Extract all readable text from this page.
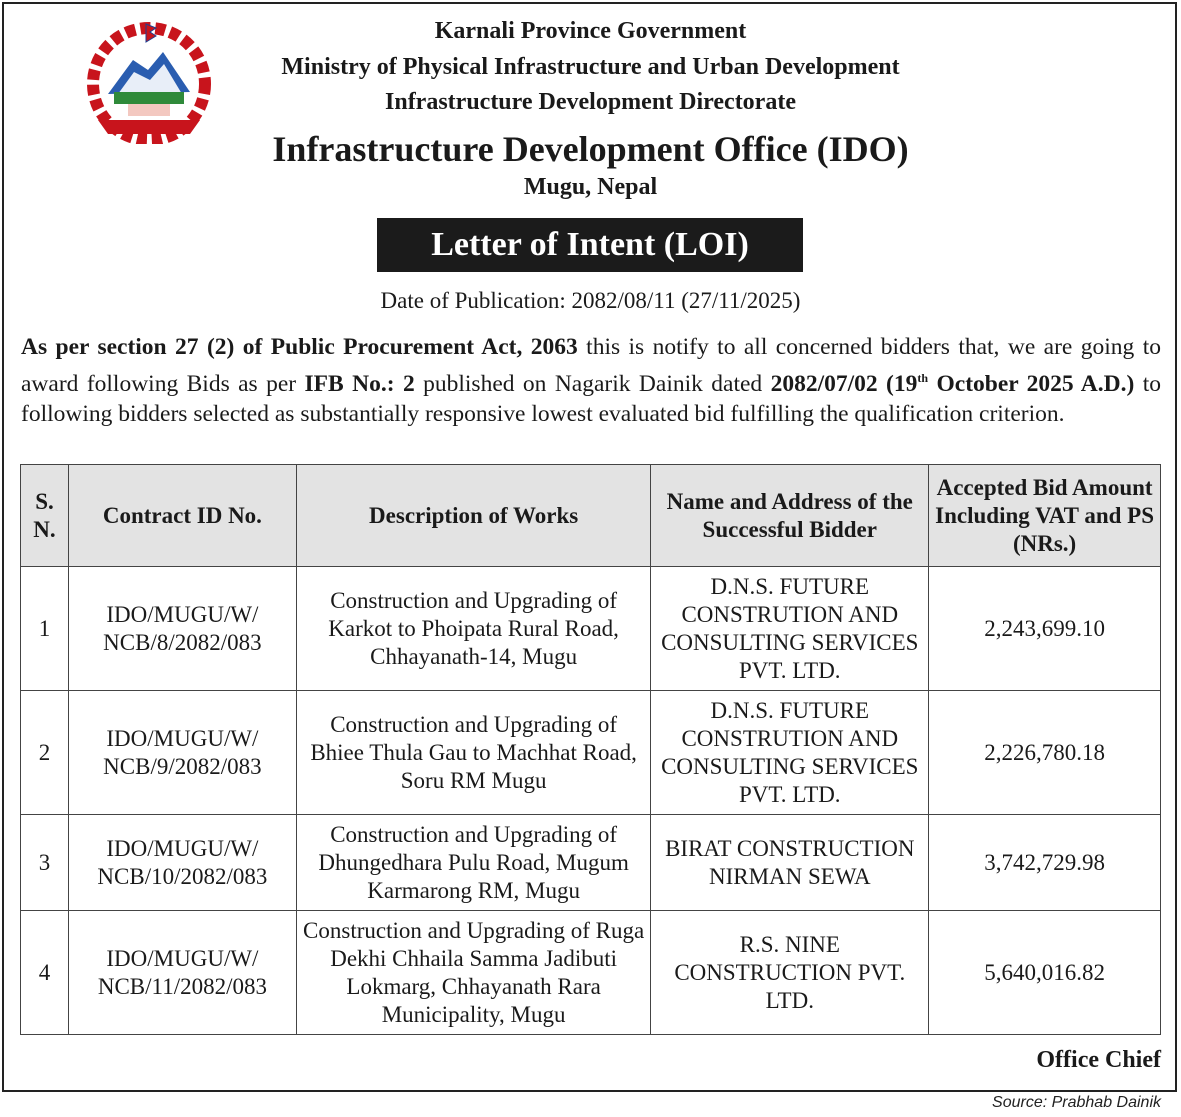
Karnali Province Government
Ministry of Physical Infrastructure and Urban Development
Infrastructure Development Directorate
Infrastructure Development Office (IDO)
Mugu, Nepal
Letter of Intent (LOI)
Date of Publication: 2082/08/11 (27/11/2025)

As per section 27 (2) of Public Procurement Act, 2063 this is notify to all concerned bidders that, we are going to award following Bids as per IFB No.: 2 published on Nagarik Dainik dated 2082/07/02 (19th October 2025 A.D.) to following bidders selected as substantially responsive lowest evaluated bid fulfilling the qualification criterion.

S. N.	Contract ID No.	Description of Works	Name and Address of the Successful Bidder	Accepted Bid Amount Including VAT and PS (NRs.)
1	IDO/MUGU/W/ NCB/8/2082/083	Construction and Upgrading of Karkot to Phoipata Rural Road, Chhayanath-14, Mugu	D.N.S. FUTURE CONSTRUTION AND CONSULTING SERVICES PVT. LTD.	2,243,699.10
2	IDO/MUGU/W/ NCB/9/2082/083	Construction and Upgrading of Bhiee Thula Gau to Machhat Road, Soru RM Mugu	D.N.S. FUTURE CONSTRUTION AND CONSULTING SERVICES PVT. LTD.	2,226,780.18
3	IDO/MUGU/W/ NCB/10/2082/083	Construction and Upgrading of Dhungedhara Pulu Road, Mugum Karmarong RM, Mugu	BIRAT CONSTRUCTION NIRMAN SEWA	3,742,729.98
4	IDO/MUGU/W/ NCB/11/2082/083	Construction and Upgrading of Ruga Dekhi Chhaila Samma Jadibuti Lokmarg, Chhayanath Rara Municipality, Mugu	R.S. NINE CONSTRUCTION PVT. LTD.	5,640,016.82
Office Chief
Source: Prabhab Dainik
